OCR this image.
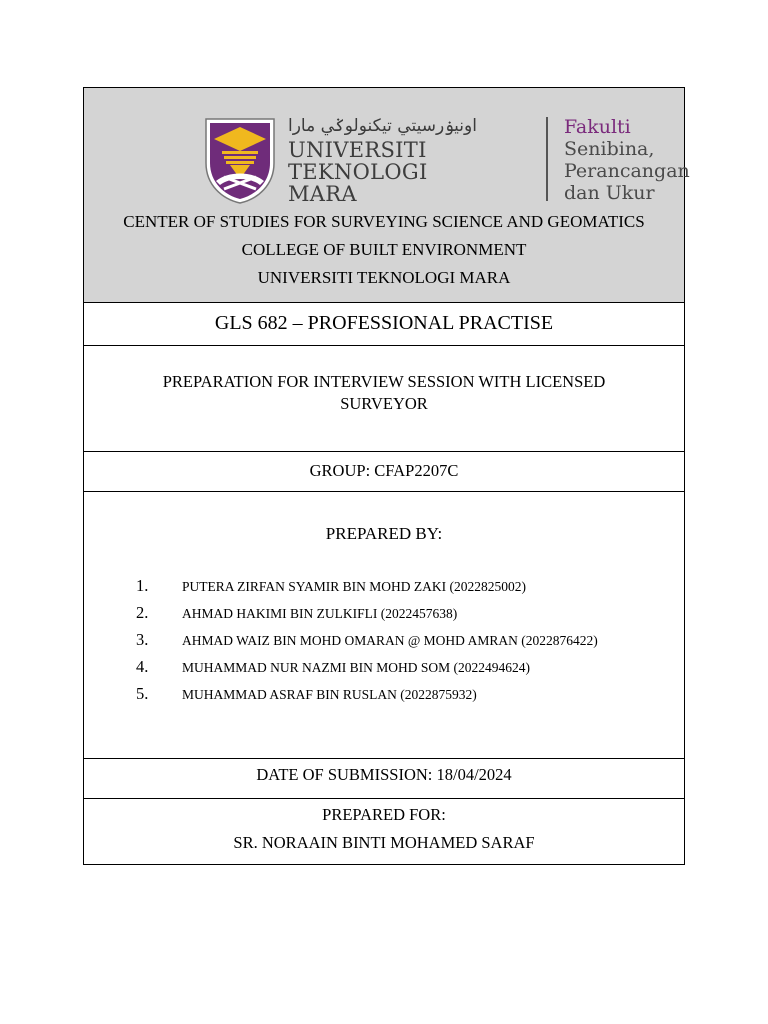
اونيۏرسيتي تيكنولوݢي مارا
UNIVERSITI
TEKNOLOGI
MARA
Fakulti
Senibina,
Perancangan
dan Ukur
CENTER OF STUDIES FOR SURVEYING SCIENCE AND GEOMATICS
COLLEGE OF BUILT ENVIRONMENT
UNIVERSITI TEKNOLOGI MARA
GLS 682 – PROFESSIONAL PRACTISE
PREPARATION FOR INTERVIEW SESSION WITH LICENSED SURVEYOR
GROUP: CFAP2207C
PREPARED BY:
1. PUTERA ZIRFAN SYAMIR BIN MOHD ZAKI (2022825002)
2. AHMAD HAKIMI BIN ZULKIFLI (2022457638)
3. AHMAD WAIZ BIN MOHD OMARAN @ MOHD AMRAN (2022876422)
4. MUHAMMAD NUR NAZMI BIN MOHD SOM (2022494624)
5. MUHAMMAD ASRAF BIN RUSLAN (2022875932)
DATE OF SUBMISSION: 18/04/2024
PREPARED FOR:
SR. NORAAIN BINTI MOHAMED SARAF
